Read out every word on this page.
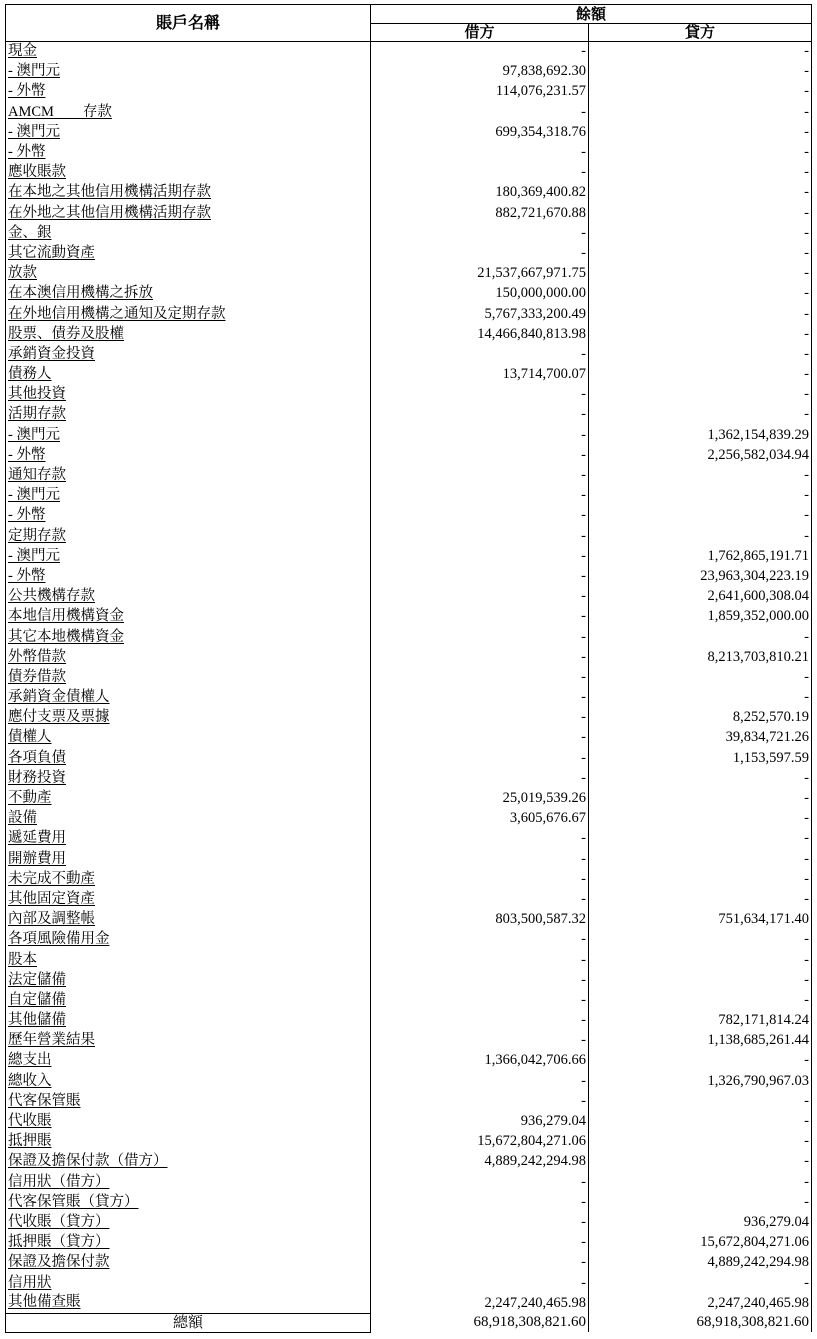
賬戶名稱	餘額	
	借方	貸方
現金	-	-
- 澳門元	97,838,692.30	-
- 外幣	114,076,231.57	-
AMCM　　存款	-	-
- 澳門元	699,354,318.76	-
- 外幣	-	-
應收賬款	-	-
在本地之其他信用機構活期存款	180,369,400.82	-
在外地之其他信用機構活期存款	882,721,670.88	-
金、銀	-	-
其它流動資產	-	-
放款	21,537,667,971.75	-
在本澳信用機構之拆放	150,000,000.00	-
在外地信用機構之通知及定期存款	5,767,333,200.49	-
股票、債券及股權	14,466,840,813.98	-
承銷資金投資	-	-
債務人	13,714,700.07	-
其他投資	-	-
活期存款	-	-
- 澳門元	-	1,362,154,839.29
- 外幣	-	2,256,582,034.94
通知存款	-	-
- 澳門元	-	-
- 外幣	-	-
定期存款	-	-
- 澳門元	-	1,762,865,191.71
- 外幣	-	23,963,304,223.19
公共機構存款	-	2,641,600,308.04
本地信用機構資金	-	1,859,352,000.00
其它本地機構資金	-	-
外幣借款	-	8,213,703,810.21
債券借款	-	-
承銷資金債權人	-	-
應付支票及票據	-	8,252,570.19
債權人	-	39,834,721.26
各項負債	-	1,153,597.59
財務投資	-	-
不動產	25,019,539.26	-
設備	3,605,676.67	-
遞延費用	-	-
開辦費用	-	-
未完成不動產	-	-
其他固定資產	-	-
內部及調整帳	803,500,587.32	751,634,171.40
各項風險備用金	-	-
股本	-	-
法定儲備	-	-
自定儲備	-	-
其他儲備	-	782,171,814.24
歷年營業結果	-	1,138,685,261.44
總支出	1,366,042,706.66	-
總收入	-	1,326,790,967.03
代客保管賬	-	-
代收賬	936,279.04	-
抵押賬	15,672,804,271.06	-
保證及擔保付款（借方）	4,889,242,294.98	-
信用狀（借方）	-	-
代客保管賬（貸方）	-	-
代收賬（貸方）	-	936,279.04
抵押賬（貸方）	-	15,672,804,271.06
保證及擔保付款	-	4,889,242,294.98
信用狀	-	-
其他備查賬	2,247,240,465.98	2,247,240,465.98
總額	68,918,308,821.60	68,918,308,821.60
